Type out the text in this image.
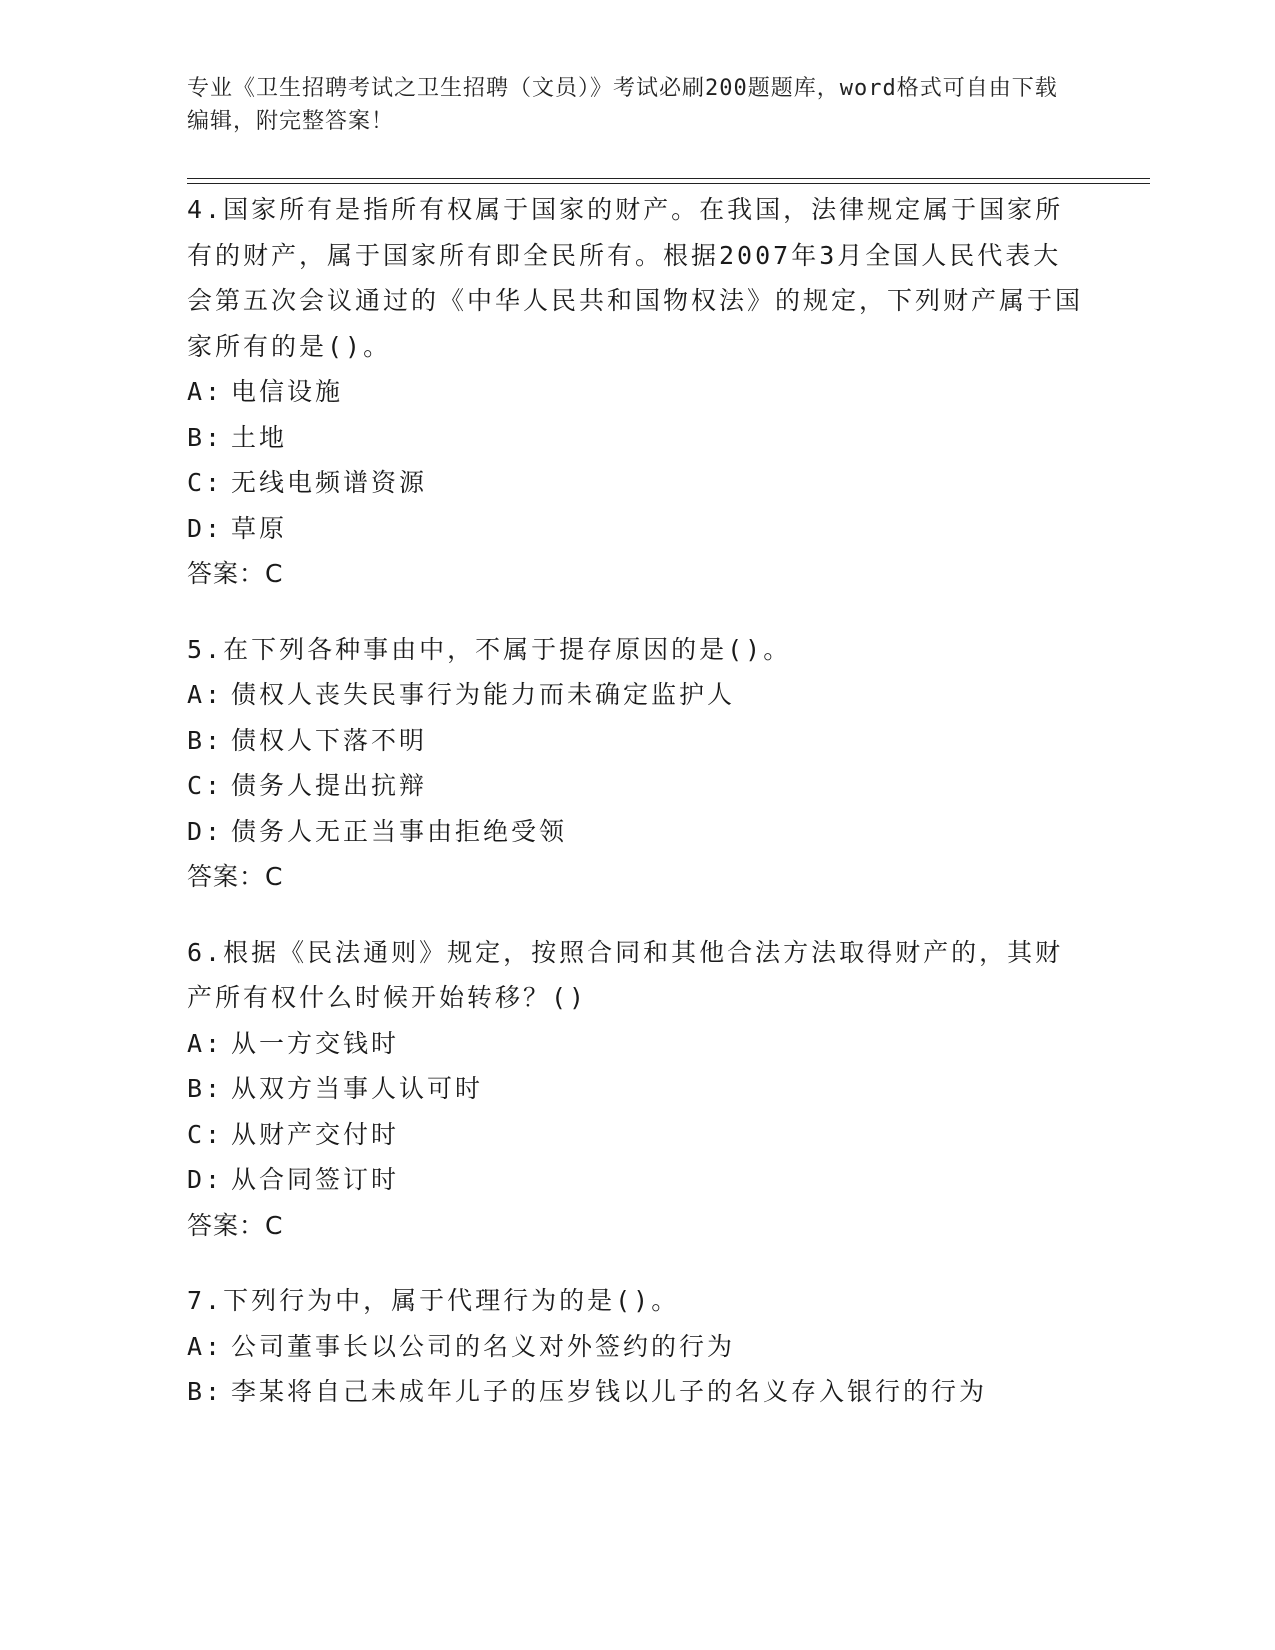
专业《卫生招聘考试之卫生招聘（文员）》考试必刷200题题库，word格式可自由下载编辑，附完整答案！

4.国家所有是指所有权属于国家的财产。在我国，法律规定属于国家所有的财产，属于国家所有即全民所有。根据2007年3月全国人民代表大会第五次会议通过的《中华人民共和国物权法》的规定，下列财产属于国家所有的是()。

A: 电信设施

B: 土地

C: 无线电频谱资源

D: 草原

答案：C

5.在下列各种事由中，不属于提存原因的是()。

A: 债权人丧失民事行为能力而未确定监护人

B: 债权人下落不明

C: 债务人提出抗辩

D: 债务人无正当事由拒绝受领

答案：C

6.根据《民法通则》规定，按照合同和其他合法方法取得财产的，其财产所有权什么时候开始转移？()

A: 从一方交钱时

B: 从双方当事人认可时

C: 从财产交付时

D: 从合同签订时

答案：C

7.下列行为中，属于代理行为的是()。

A: 公司董事长以公司的名义对外签约的行为

B: 李某将自己未成年儿子的压岁钱以儿子的名义存入银行的行为
